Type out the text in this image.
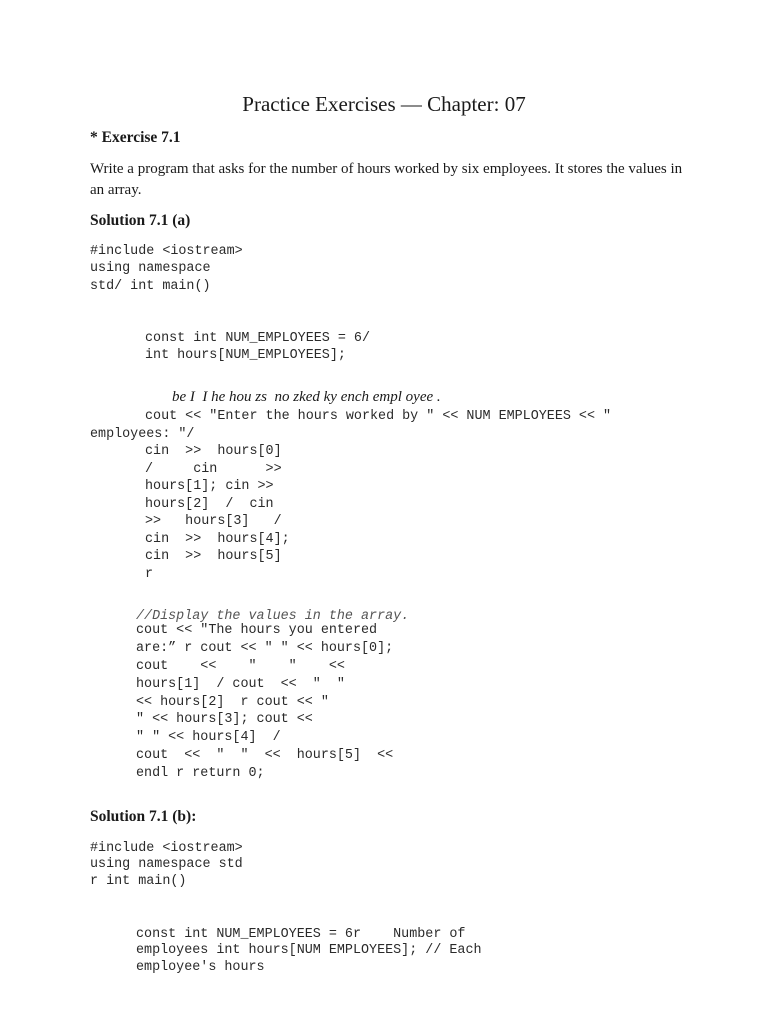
Practice Exercises — Chapter: 07
* Exercise 7.1
Write a program that asks for the number of hours worked by six employees. It stores the values in an array.
Solution 7.1 (a)
#include <iostream>
using namespace
std/ int main()
const int NUM_EMPLOYEES = 6/
int hours[NUM_EMPLOYEES];
be I  I he hou zs  no zked ky ench empl oyee .
cout << "Enter the hours worked by " << NUM EMPLOYEES << "
employees: "/
cin  >>  hours[0]
/     cin      >>
hours[1]; cin >>
hours[2]  /  cin
>>   hours[3]   /
cin  >>  hours[4];
cin  >>  hours[5]
r
//Display the values in the array.
cout << "The hours you entered
are:” r cout << " " << hours[0];
cout    <<    "    "    <<
hours[1]  / cout  <<  "  "
<< hours[2]  r cout << "
" << hours[3]; cout <<
" " << hours[4]  /
cout  <<  "  "  <<  hours[5]  <<
endl r return 0;
Solution 7.1 (b):
#include <iostream>
using namespace std
r int main()
const int NUM_EMPLOYEES = 6r    Number of
employees int hours[NUM EMPLOYEES]; // Each
employee's hours
